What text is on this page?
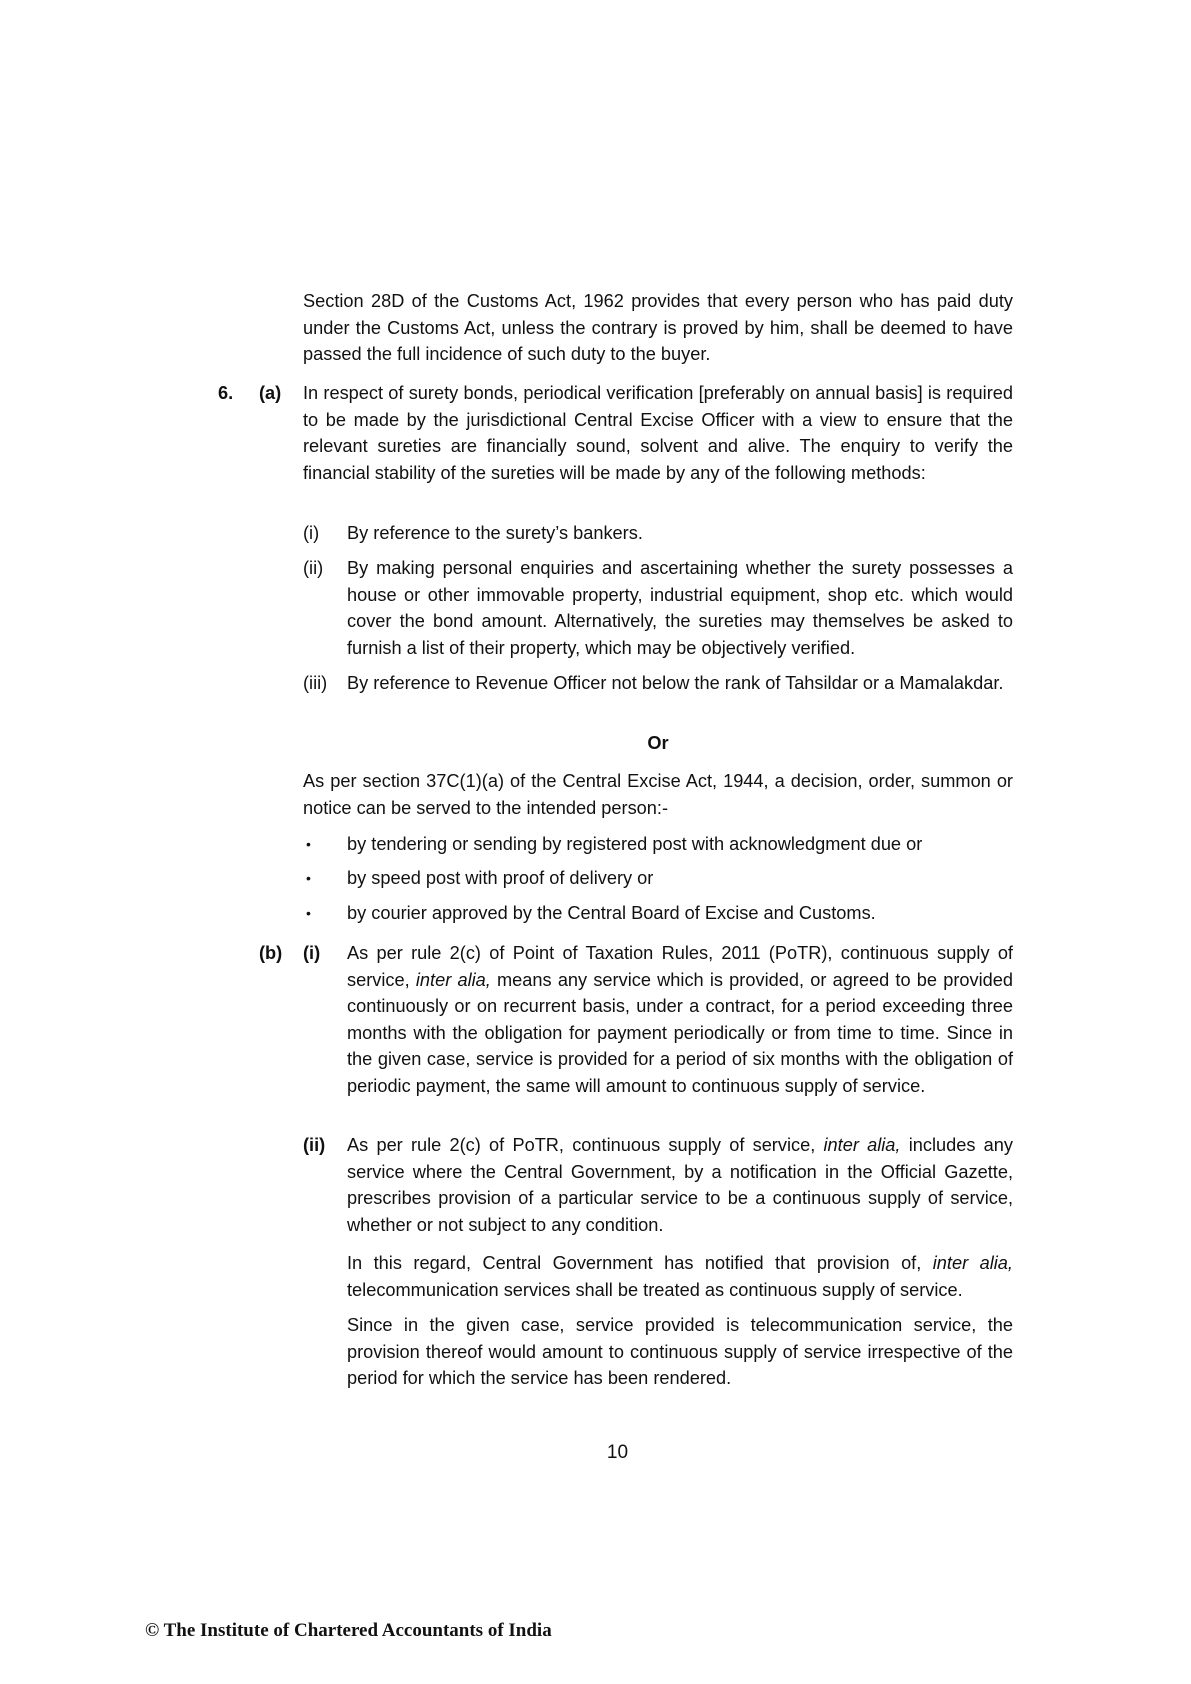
Section 28D of the Customs Act, 1962 provides that every person who has paid duty under the Customs Act, unless the contrary is proved by him, shall be deemed to have passed the full incidence of such duty to the buyer.

6. (a) In respect of surety bonds, periodical verification [preferably on annual basis] is required to be made by the jurisdictional Central Excise Officer with a view to ensure that the relevant sureties are financially sound, solvent and alive. The enquiry to verify the financial stability of the sureties will be made by any of the following methods:

(i) By reference to the surety’s bankers.

(ii) By making personal enquiries and ascertaining whether the surety possesses a house or other immovable property, industrial equipment, shop etc. which would cover the bond amount. Alternatively, the sureties may themselves be asked to furnish a list of their property, which may be objectively verified.

(iii) By reference to Revenue Officer not below the rank of Tahsildar or a Mamalakdar.

Or

As per section 37C(1)(a) of the Central Excise Act, 1944, a decision, order, summon or notice can be served to the intended person:-

• by tendering or sending by registered post with acknowledgment due or

• by speed post with proof of delivery or

• by courier approved by the Central Board of Excise and Customs.

(b) (i) As per rule 2(c) of Point of Taxation Rules, 2011 (PoTR), continuous supply of service, inter alia, means any service which is provided, or agreed to be provided continuously or on recurrent basis, under a contract, for a period exceeding three months with the obligation for payment periodically or from time to time. Since in the given case, service is provided for a period of six months with the obligation of periodic payment, the same will amount to continuous supply of service.

(ii) As per rule 2(c) of PoTR, continuous supply of service, inter alia, includes any service where the Central Government, by a notification in the Official Gazette, prescribes provision of a particular service to be a continuous supply of service, whether or not subject to any condition.

In this regard, Central Government has notified that provision of, inter alia, telecommunication services shall be treated as continuous supply of service.

Since in the given case, service provided is telecommunication service, the provision thereof would amount to continuous supply of service irrespective of the period for which the service has been rendered.

10
© The Institute of Chartered Accountants of India
